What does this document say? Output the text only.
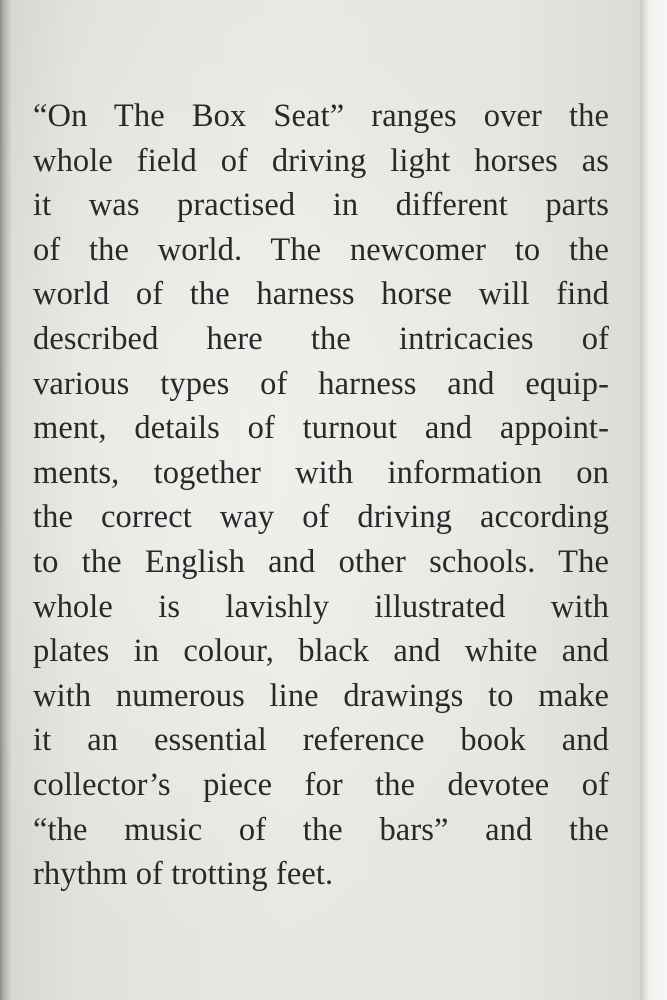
“On The Box Seat” ranges over the
whole field of driving light horses as
it was practised in different parts
of the world. The newcomer to the
world of the harness horse will find
described here the intricacies of
various types of harness and equip-
ment, details of turnout and appoint-
ments, together with information on
the correct way of driving according
to the English and other schools. The
whole is lavishly illustrated with
plates in colour, black and white and
with numerous line drawings to make
it an essential reference book and
collector’s piece for the devotee of
“the music of the bars” and the
rhythm of trotting feet.
